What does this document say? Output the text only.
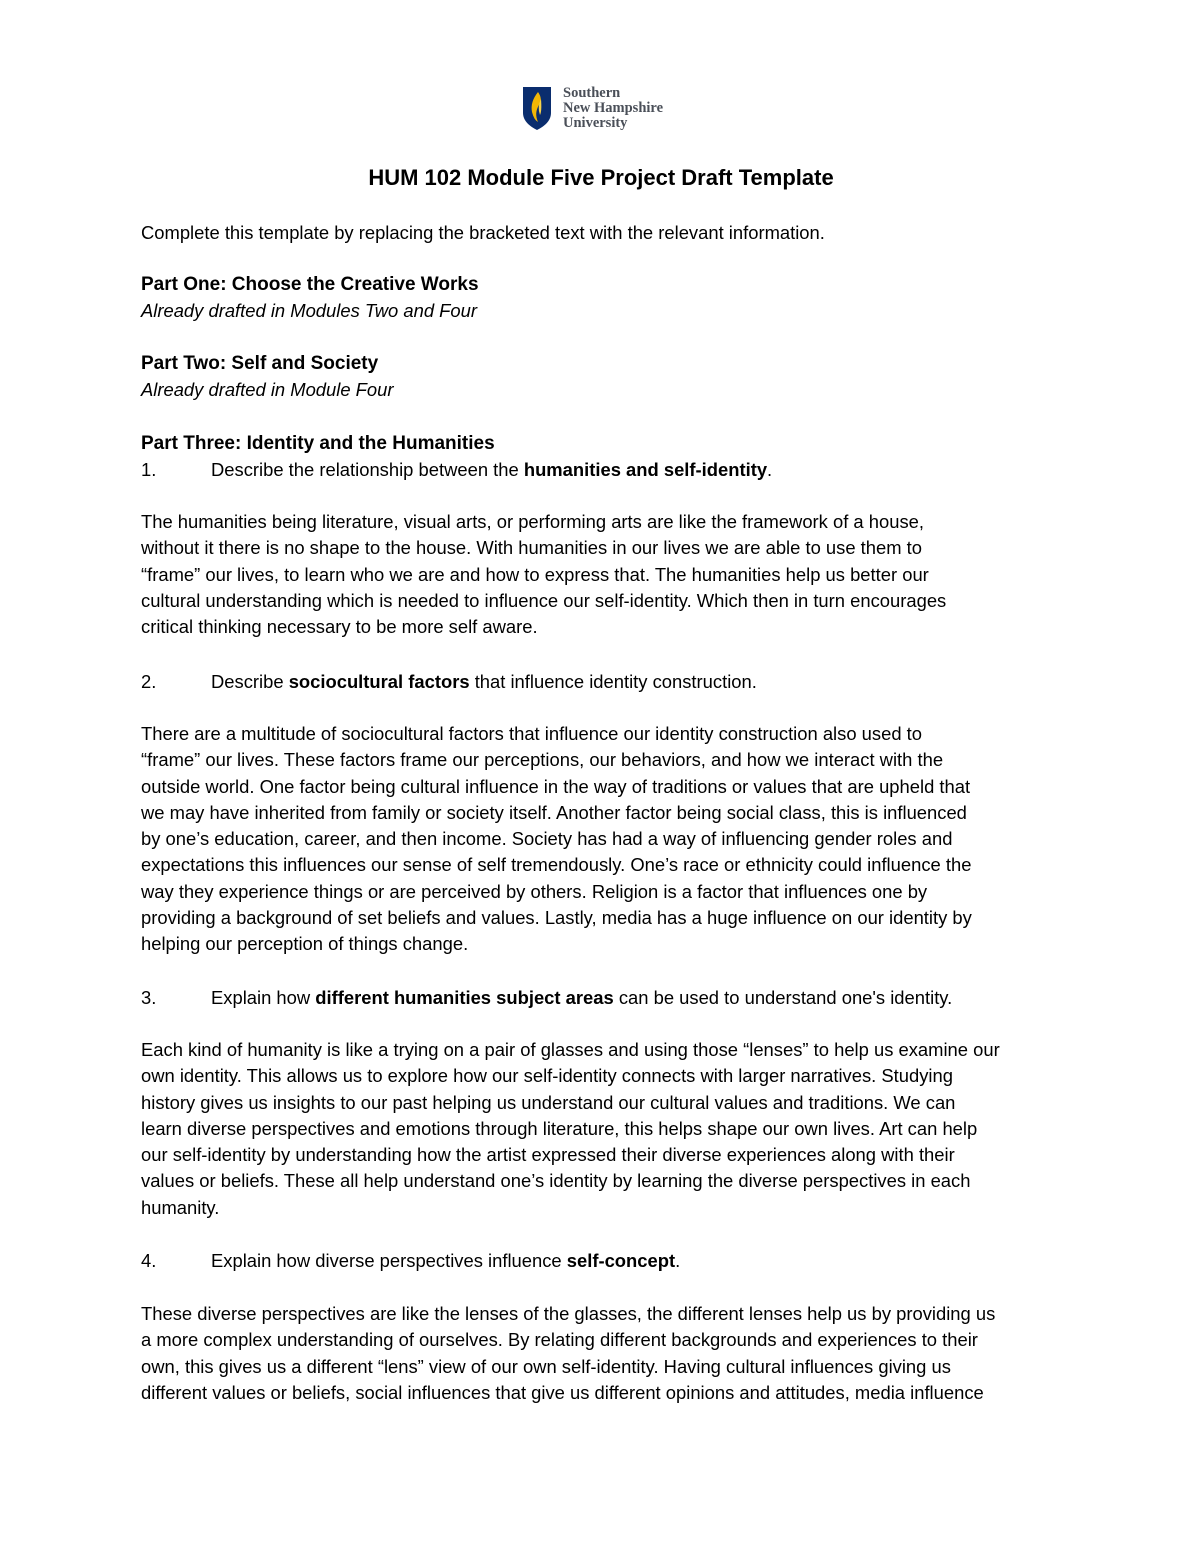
Southern
New Hampshire
University
HUM 102 Module Five Project Draft Template

Complete this template by replacing the bracketed text with the relevant information.

Part One: Choose the Creative Works

Already drafted in Modules Two and Four

Part Two: Self and Society

Already drafted in Module Four

Part Three: Identity and the Humanities

1.	Describe the relationship between the humanities and self-identity.

The humanities being literature, visual arts, or performing arts are like the framework of a house,

without it there is no shape to the house. With humanities in our lives we are able to use them to

“frame” our lives, to learn who we are and how to express that. The humanities help us better our

cultural understanding which is needed to influence our self-identity. Which then in turn encourages

critical thinking necessary to be more self aware.

2.	Describe sociocultural factors that influence identity construction.

There are a multitude of sociocultural factors that influence our identity construction also used to

“frame” our lives. These factors frame our perceptions, our behaviors, and how we interact with the

outside world. One factor being cultural influence in the way of traditions or values that are upheld that

we may have inherited from family or society itself. Another factor being social class, this is influenced

by one’s education, career, and then income. Society has had a way of influencing gender roles and

expectations this influences our sense of self tremendously. One’s race or ethnicity could influence the

way they experience things or are perceived by others. Religion is a factor that influences one by

providing a background of set beliefs and values. Lastly, media has a huge influence on our identity by

helping our perception of things change.

3.	Explain how different humanities subject areas can be used to understand one's identity.

Each kind of humanity is like a trying on a pair of glasses and using those “lenses” to help us examine our

own identity. This allows us to explore how our self-identity connects with larger narratives. Studying

history gives us insights to our past helping us understand our cultural values and traditions. We can

learn diverse perspectives and emotions through literature, this helps shape our own lives. Art can help

our self-identity by understanding how the artist expressed their diverse experiences along with their

values or beliefs. These all help understand one’s identity by learning the diverse perspectives in each

humanity.

4.	Explain how diverse perspectives influence self-concept.

These diverse perspectives are like the lenses of the glasses, the different lenses help us by providing us

a more complex understanding of ourselves. By relating different backgrounds and experiences to their

own, this gives us a different “lens” view of our own self-identity. Having cultural influences giving us

different values or beliefs, social influences that give us different opinions and attitudes, media influence
